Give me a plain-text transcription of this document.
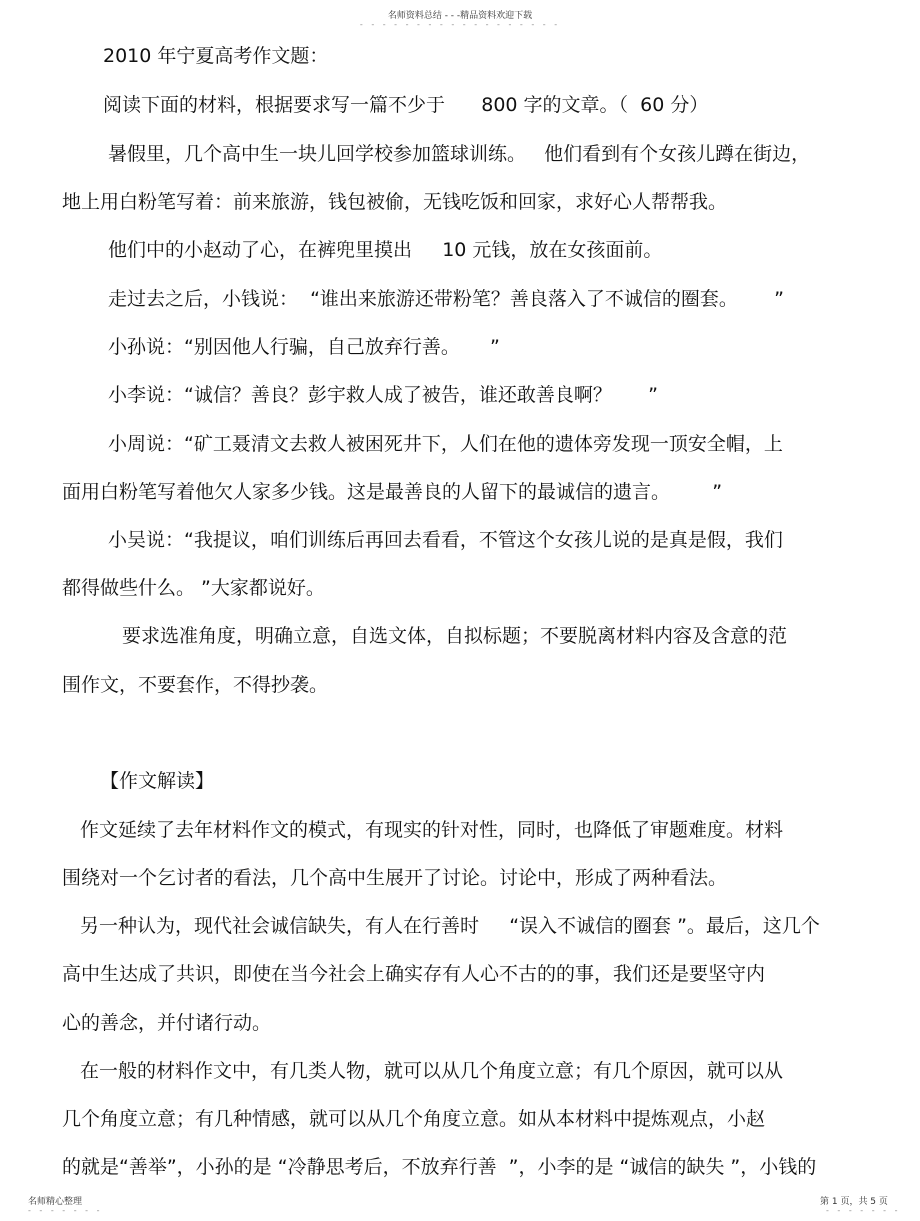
名师资料总结 - - -精品资料欢迎下载
- - - - - - - - - - - - - - - - - -
2010 年宁夏高考作文题：
阅读下面的材料，根据要求写一篇不少于      800 字的文章。（  60 分）
暑假里，几个高中生一块儿回学校参加篮球训练。   他们看到有个女孩儿蹲在街边，
地上用白粉笔写着：前来旅游，钱包被偷，无钱吃饭和回家，求好心人帮帮我。
他们中的小赵动了心，在裤兜里摸出     10 元钱，放在女孩面前。
走过去之后，小钱说：  “谁出来旅游还带粉笔？善良落入了不诚信的圈套。      ”
小孙说：“别因他人行骗，自己放弃行善。     ”
小李说：“诚信？善良？彭宇救人成了被告，谁还敢善良啊？      ”
小周说：“矿工聂清文去救人被困死井下，人们在他的遗体旁发现一顶安全帽，上
面用白粉笔写着他欠人家多少钱。这是最善良的人留下的最诚信的遗言。       ”
小吴说：“我提议，咱们训练后再回去看看，不管这个女孩儿说的是真是假，我们
都得做些什么。 ”大家都说好。
要求选准角度，明确立意，自选文体，自拟标题；不要脱离材料内容及含意的范
围作文，不要套作，不得抄袭。
【作文解读】
作文延续了去年材料作文的模式，有现实的针对性，同时，也降低了审题难度。材料
围绕对一个乞讨者的看法，几个高中生展开了讨论。讨论中，形成了两种看法。
另一种认为，现代社会诚信缺失，有人在行善时     “误入不诚信的圈套 ”。最后，这几个
高中生达成了共识，即使在当今社会上确实存有人心不古的的事，我们还是要坚守内
心的善念，并付诸行动。
在一般的材料作文中，有几类人物，就可以从几个角度立意；有几个原因，就可以从
几个角度立意；有几种情感，就可以从几个角度立意。如从本材料中提炼观点，小赵
的就是“善举”，小孙的是 “冷静思考后，不放弃行善  ”，小李的是 “诚信的缺失 ”，小钱的
名师精心整理
- - - - - - -
第 1 页，共 5 页
- - - - - - -
